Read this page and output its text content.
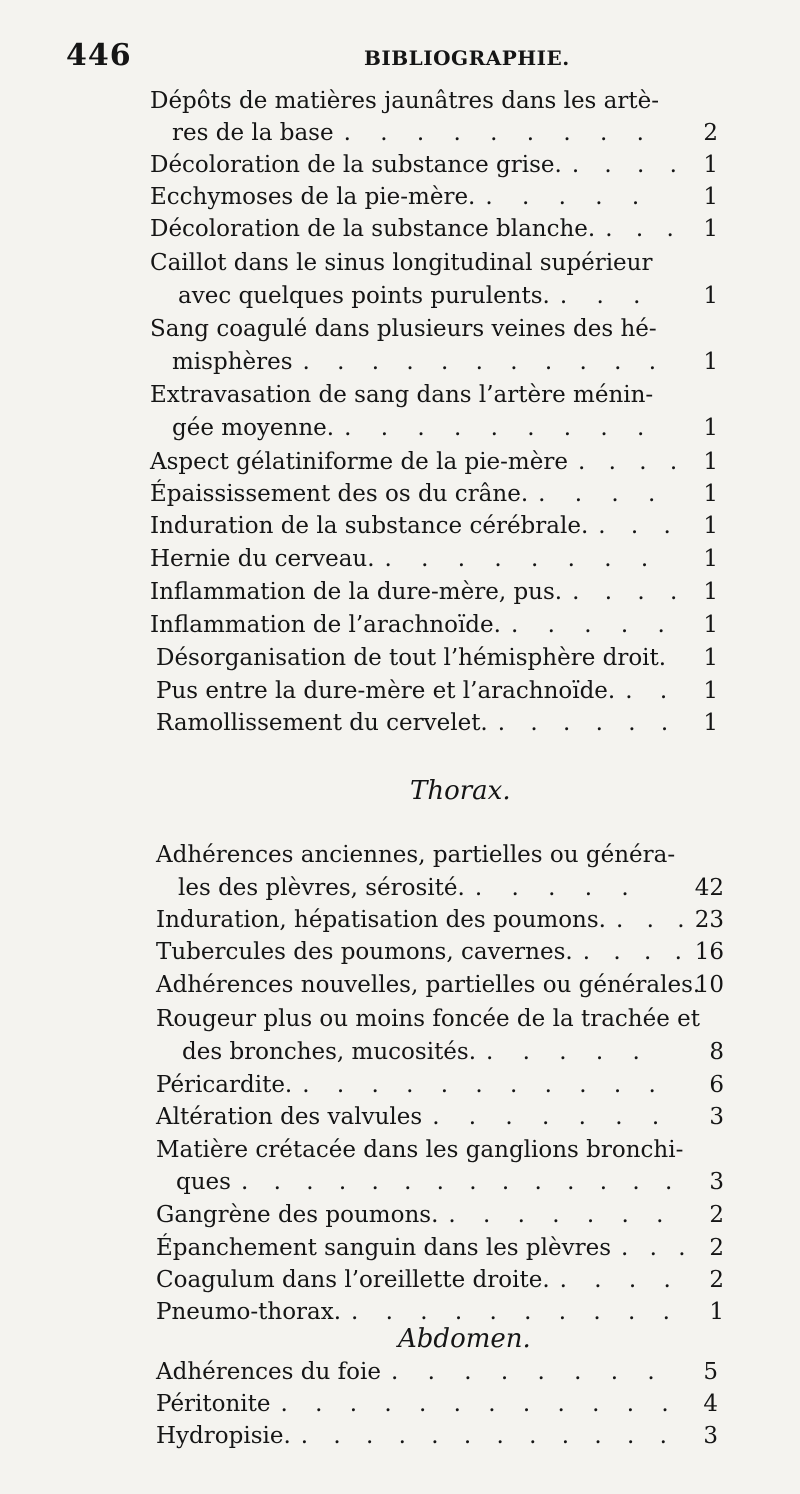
446	BIBLIOGRAPHIE.
Dépôts de matières jaunâtres dans les artè-
res de la base . . . . . . . . . 2
Décoloration de la substance grise. . . . . 1
Ecchymoses de la pie-mère. . . . . . 1
Décoloration de la substance blanche. . . . 1
Caillot dans le sinus longitudinal supérieur
avec quelques points purulents. . . . 1
Sang coagulé dans plusieurs veines des hé-
misphères . . . . . . . . . . . 1
Extravasation de sang dans l’artère ménin-
gée moyenne. . . . . . . . . . 1
Aspect gélatiniforme de la pie-mère . . . . 1
Épaississement des os du crâne. . . . . 1
Induration de la substance cérébrale. . . . 1
Hernie du cerveau. . . . . . . . . 1
Inflammation de la dure-mère, pus. . . . . 1
Inflammation de l’arachnoïde. . . . . . 1
Désorganisation de tout l’hémisphère droit. 1
Pus entre la dure-mère et l’arachnoïde. . . 1
Ramollissement du cervelet. . . . . . . 1
Adhérences anciennes, partielles ou généra-
les des plèvres, sérosité. . . . . . 42
Induration, hépatisation des poumons. . . . 23
Tubercules des poumons, cavernes. . . . . 16
Adhérences nouvelles, partielles ou générales.
10
Rougeur plus ou moins foncée de la trachée et
des bronches, mucosités. . . . . .	8
Péricardite. . . . . . . . . . . . 6
Altération des valvules . . . . . . . 3
Matière crétacée dans les ganglions bronchi-
ques . . . . . . . . . . . . . . 3
Gangrène des poumons. . . . . . . . 2
Épanchement sanguin dans les plèvres . . . 2
Coagulum dans l’oreillette droite. . . . . 2
Pneumo-thorax. . . . . . . . . . . 1
Adhérences du foie . . . . . . . . 5
Péritonite . . . . . . . . . . . . 4
Hydropisie. . . . . . . . . . . . . 3
Thorax.
Abdomen.
